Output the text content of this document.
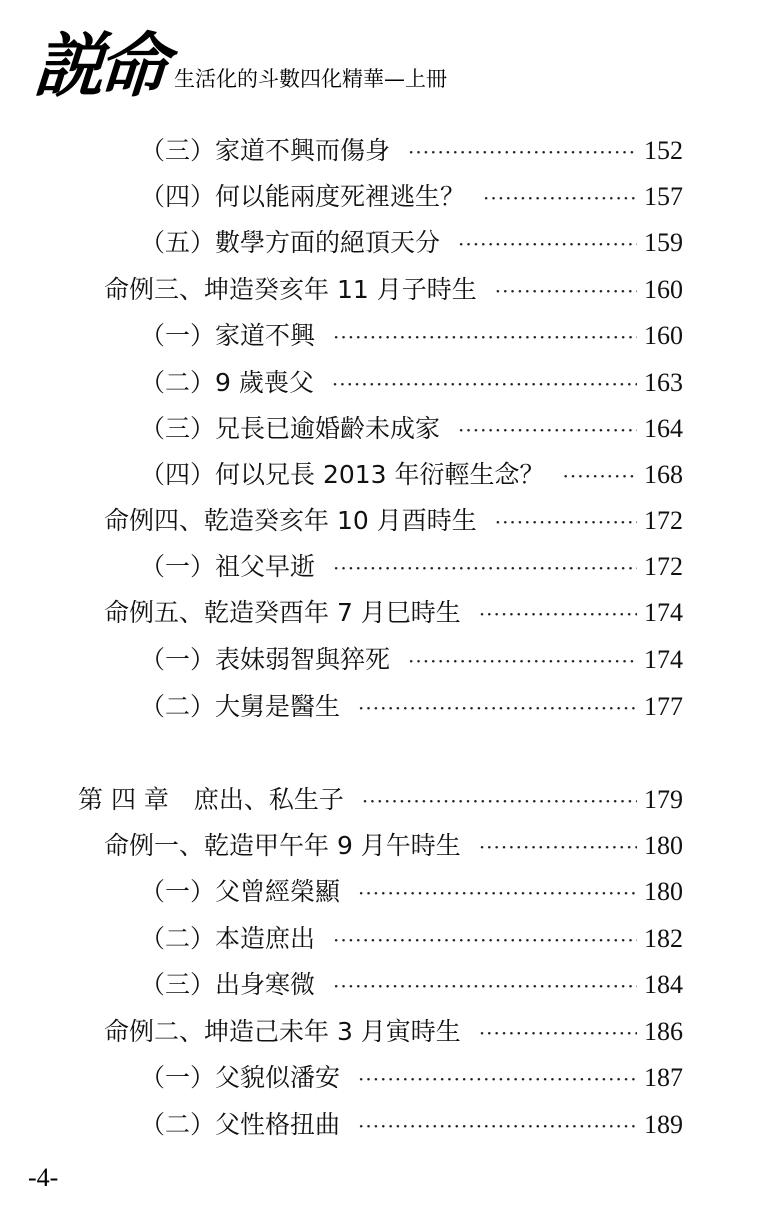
説命 生活化的斗數四化精華—上冊
（三）家道不興而傷身 ·····	152
（四）何以能兩度死裡逃生？ ·····	157
（五）數學方面的絕頂天分 ·····	159
命例三、坤造癸亥年 11 月子時生 ·····	160
（一）家道不興 ·····	160
（二）9 歲喪父 ·····	163
（三）兄長已逾婚齡未成家 ·····	164
（四）何以兄長 2013 年衍輕生念？ ·····	168
命例四、乾造癸亥年 10 月酉時生 ·····	172
（一）祖父早逝 ·····	172
命例五、乾造癸酉年 7 月巳時生 ·····	174
（一）表妹弱智與猝死 ·····	174
（二）大舅是醫生 ·····	177
第 四 章　庶出、私生子 ·····	179
命例一、乾造甲午年 9 月午時生 ·····	180
（一）父曾經榮顯 ·····	180
（二）本造庶出 ·····	182
（三）出身寒微 ·····	184
命例二、坤造己未年 3 月寅時生 ·····	186
（一）父貌似潘安 ·····	187
（二）父性格扭曲 ·····	189
-4-
